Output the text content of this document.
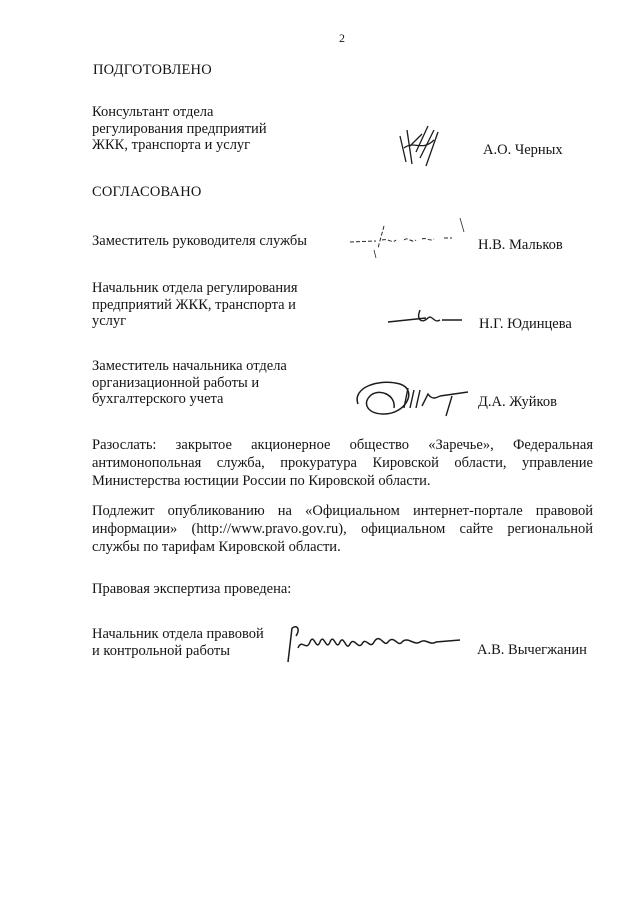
2
ПОДГОТОВЛЕНО
Консультант отдела
регулирования предприятий
ЖКК, транспорта и услуг	А.О. Черных
СОГЛАСОВАНО
Заместитель руководителя службы	Н.В. Мальков
Начальник отдела регулирования
предприятий ЖКК, транспорта и
услуг	Н.Г. Юдинцева
Заместитель начальника отдела
организационной работы и
бухгалтерского учета	Д.А. Жуйков
Разослать: закрытое акционерное общество «Заречье», Федеральная
антимонопольная служба, прокуратура Кировской области, управление
Министерства юстиции России по Кировской области.
Подлежит опубликованию на «Официальном интернет-портале правовой
информации» (http://www.pravo.gov.ru), официальном сайте региональной
службы по тарифам Кировской области.
Правовая экспертиза проведена:
Начальник отдела правовой
и контрольной работы	А.В. Вычегжанин
